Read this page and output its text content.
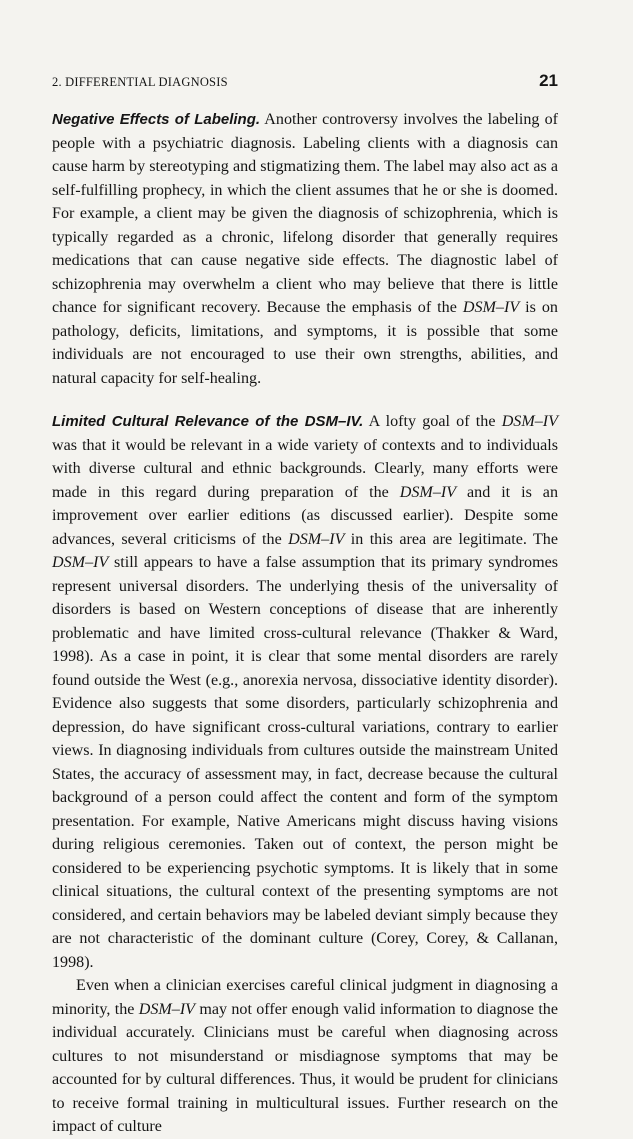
2. DIFFERENTIAL DIAGNOSIS	21

Negative Effects of Labeling. Another controversy involves the labeling of people with a psychiatric diagnosis. Labeling clients with a diagnosis can cause harm by stereotyping and stigmatizing them. The label may also act as a self-fulfilling prophecy, in which the client assumes that he or she is doomed. For example, a client may be given the diagnosis of schizophrenia, which is typically regarded as a chronic, lifelong disorder that generally requires medications that can cause negative side effects. The diagnostic label of schizophrenia may overwhelm a client who may believe that there is little chance for significant recovery. Because the emphasis of the DSM–IV is on pathology, deficits, limitations, and symptoms, it is possible that some individuals are not encouraged to use their own strengths, abilities, and natural capacity for self-healing.

Limited Cultural Relevance of the DSM–IV. A lofty goal of the DSM–IV was that it would be relevant in a wide variety of contexts and to individuals with diverse cultural and ethnic backgrounds. Clearly, many efforts were made in this regard during preparation of the DSM–IV and it is an improvement over earlier editions (as discussed earlier). Despite some advances, several criticisms of the DSM–IV in this area are legitimate. The DSM–IV still appears to have a false assumption that its primary syndromes represent universal disorders. The underlying thesis of the universality of disorders is based on Western conceptions of disease that are inherently problematic and have limited cross-cultural relevance (Thakker & Ward, 1998). As a case in point, it is clear that some mental disorders are rarely found outside the West (e.g., anorexia nervosa, dissociative identity disorder). Evidence also suggests that some disorders, particularly schizophrenia and depression, do have significant cross-cultural variations, contrary to earlier views. In diagnosing individuals from cultures outside the mainstream United States, the accuracy of assessment may, in fact, decrease because the cultural background of a person could affect the content and form of the symptom presentation. For example, Native Americans might discuss having visions during religious ceremonies. Taken out of context, the person might be considered to be experiencing psychotic symptoms. It is likely that in some clinical situations, the cultural context of the presenting symptoms are not considered, and certain behaviors may be labeled deviant simply because they are not characteristic of the dominant culture (Corey, Corey, & Callanan, 1998).

Even when a clinician exercises careful clinical judgment in diagnosing a minority, the DSM–IV may not offer enough valid information to diagnose the individual accurately. Clinicians must be careful when diagnosing across cultures to not misunderstand or misdiagnose symptoms that may be accounted for by cultural differences. Thus, it would be prudent for clinicians to receive formal training in multicultural issues. Further research on the impact of culture
